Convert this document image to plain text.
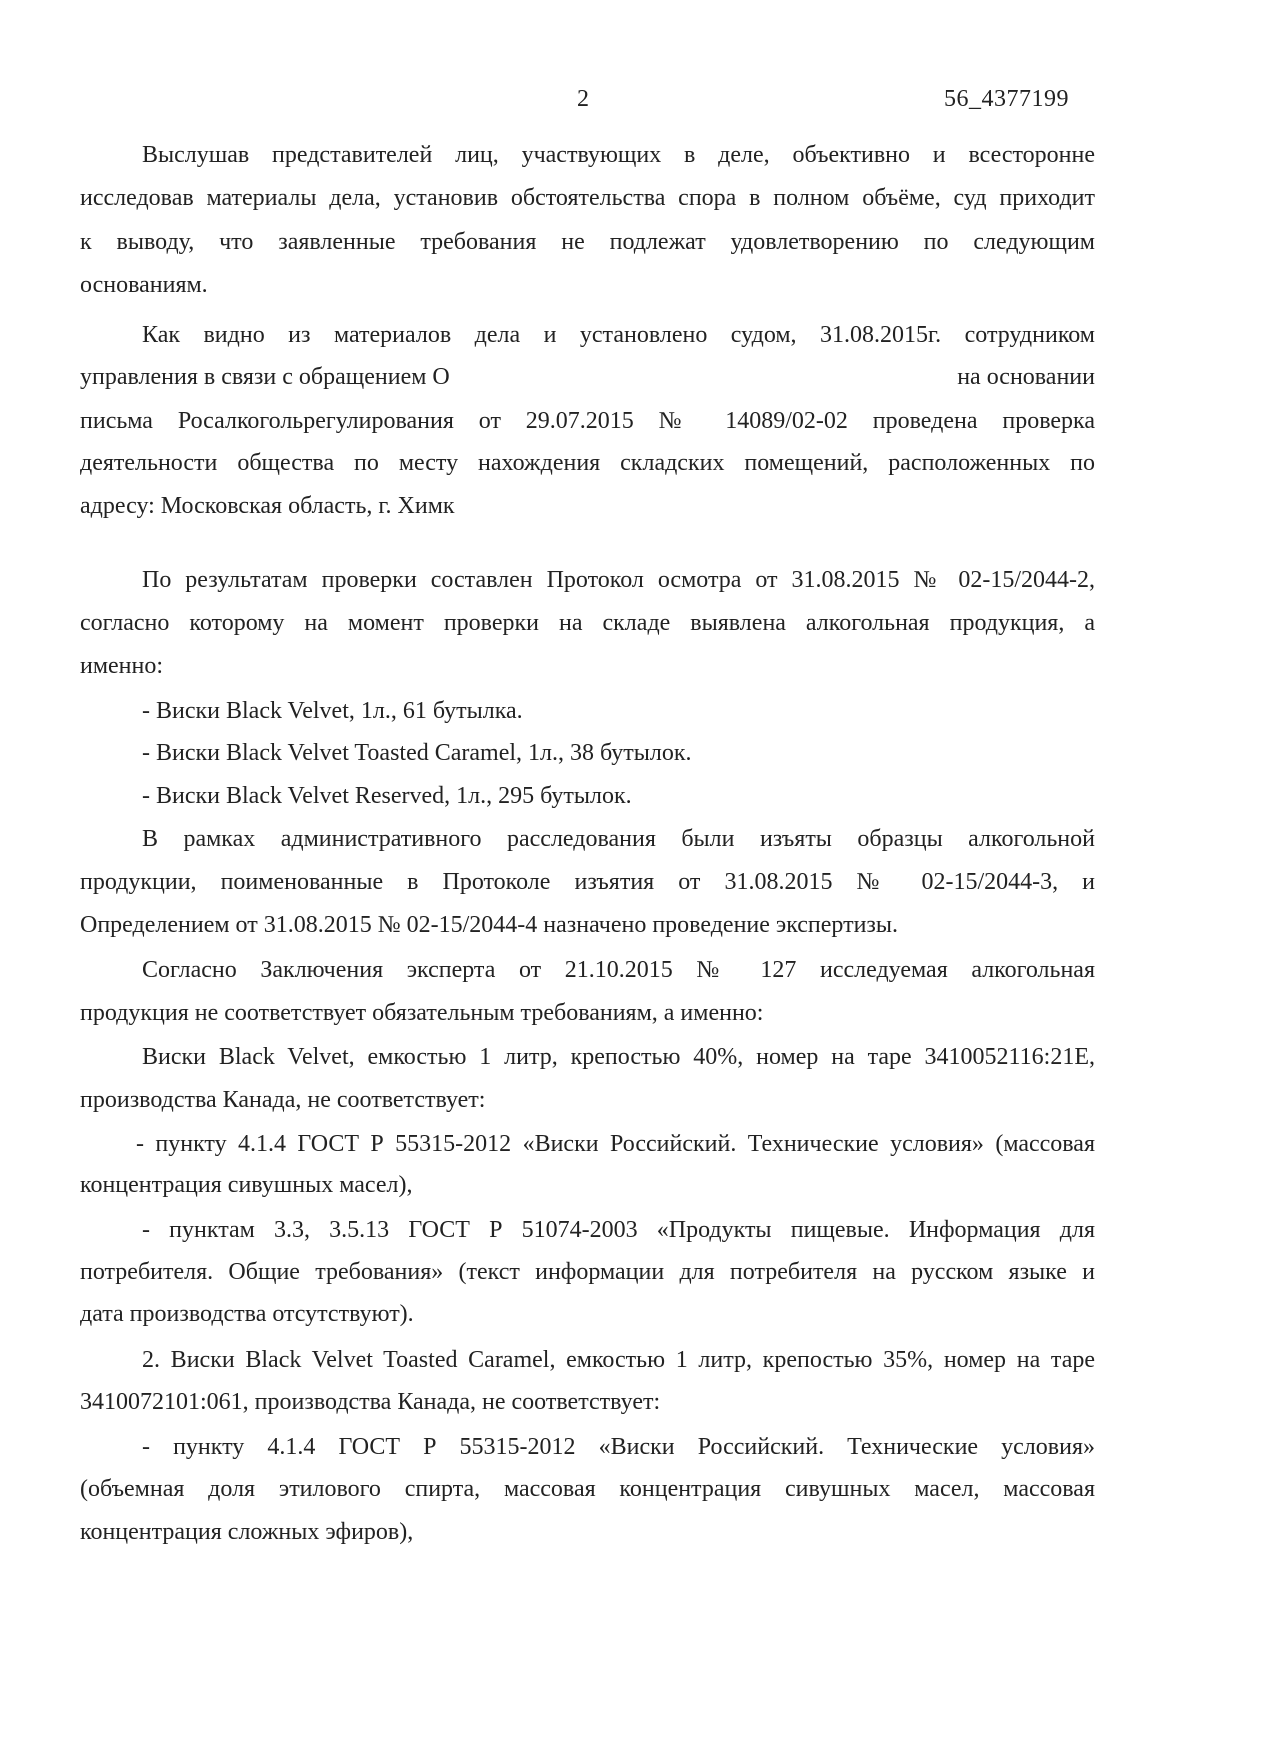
2	56_4377199
Выслушав представителей лиц, участвующих в деле, объективно и всесторонне
исследовав материалы дела, установив обстоятельства спора в полном объёме, суд приходит
к выводу, что заявленные требования не подлежат удовлетворению по следующим
основаниям.
Как видно из материалов дела и установлено судом, 31.08.2015г. сотрудником
управления в связи с обращением О	на основании
письма Росалкогольрегулирования от 29.07.2015 № 14089/02-02 проведена проверка
деятельности общества по месту нахождения складских помещений, расположенных по
адресу: Московская область, г. Химк
По результатам проверки составлен Протокол осмотра от 31.08.2015 № 02-15/2044-2,
согласно которому на момент проверки на складе выявлена алкогольная продукция, а
именно:
- Виски Black Velvet, 1л., 61 бутылка.
- Виски Black Velvet Toasted Caramel, 1л., 38 бутылок.
- Виски Black Velvet Reserved, 1л., 295 бутылок.
В рамках административного расследования были изъяты образцы алкогольной
продукции, поименованные в Протоколе изъятия от 31.08.2015 № 02-15/2044-3, и
Определением от 31.08.2015 № 02-15/2044-4 назначено проведение экспертизы.
Согласно Заключения эксперта от 21.10.2015 № 127 исследуемая алкогольная
продукция не соответствует обязательным требованиям, а именно:
Виски Black Velvet, емкостью 1 литр, крепостью 40%, номер на таре 3410052116:21Е,
производства Канада, не соответствует:
- пункту 4.1.4 ГОСТ Р 55315-2012 «Виски Российский. Технические условия» (массовая
концентрация сивушных масел),
- пунктам 3.3, 3.5.13 ГОСТ Р 51074-2003 «Продукты пищевые. Информация для
потребителя. Общие требования» (текст информации для потребителя на русском языке и
дата производства отсутствуют).
2. Виски Black Velvet Toasted Caramel, емкостью 1 литр, крепостью 35%, номер на таре
3410072101:061, производства Канада, не соответствует:
- пункту 4.1.4 ГОСТ Р 55315-2012 «Виски Российский. Технические условия»
(объемная доля этилового спирта, массовая концентрация сивушных масел, массовая
концентрация сложных эфиров),
